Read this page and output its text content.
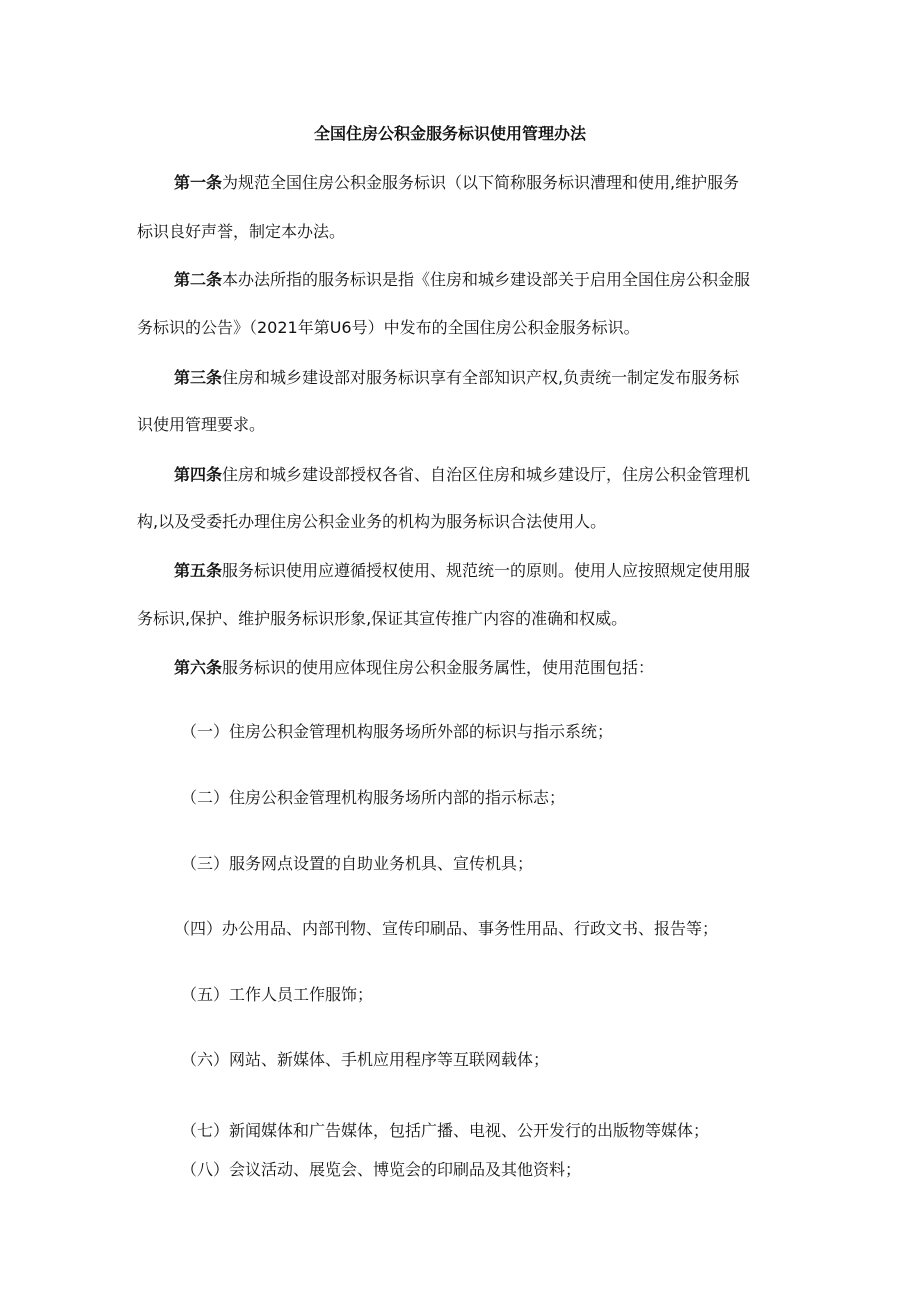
全国住房公积金服务标识使用管理办法
第一条为规范全国住房公积金服务标识（以下简称服务标识漕理和使用,维护服务
标识良好声誉，制定本办法。
第二条本办法所指的服务标识是指《住房和城乡建设部关于启用全国住房公积金服
务标识的公告》（2021年第U6号）中发布的全国住房公积金服务标识。
第三条住房和城乡建设部对服务标识享有全部知识产权,负责统一制定发布服务标
识使用管理要求。
第四条住房和城乡建设部授权各省、自治区住房和城乡建设厅，住房公积金管理机
构,以及受委托办理住房公积金业务的机构为服务标识合法使用人。
第五条服务标识使用应遵循授权使用、规范统一的原则。使用人应按照规定使用服
务标识,保护、维护服务标识形象,保证其宣传推广内容的准确和权威。
第六条服务标识的使用应体现住房公积金服务属性，使用范围包括：
（一）住房公积金管理机构服务场所外部的标识与指示系统；
（二）住房公积金管理机构服务场所内部的指示标志；
（三）服务网点设置的自助业务机具、宣传机具；
（四）办公用品、内部刊物、宣传印刷品、事务性用品、行政文书、报告等；
（五）工作人员工作服饰；
（六）网站、新媒体、手机应用程序等互联网载体；
（七）新闻媒体和广告媒体，包括广播、电视、公开发行的出版物等媒体；
（八）会议活动、展览会、博览会的印刷品及其他资料；
